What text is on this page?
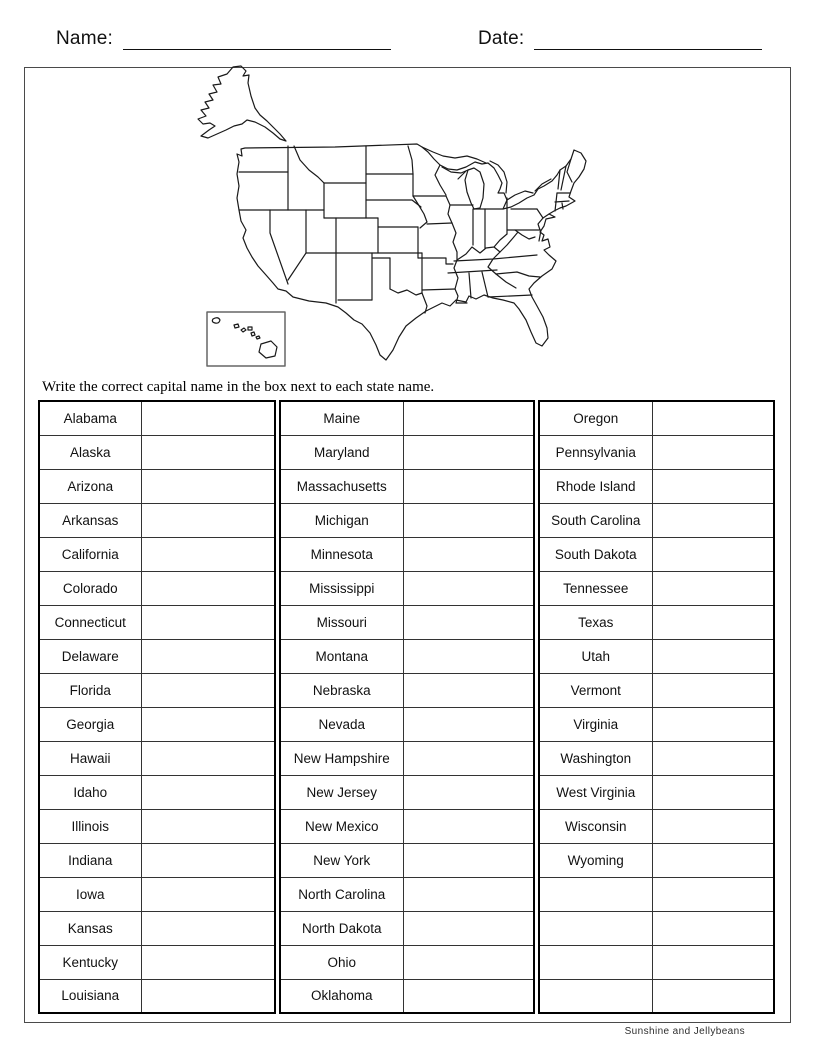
Name:	Date:
Write the correct capital name in the box next to each state name.
Alabama	
Alaska	
Arizona	
Arkansas	
California	
Colorado	
Connecticut	
Delaware	
Florida	
Georgia	
Hawaii	
Idaho	
Illinois	
Indiana	
Iowa	
Kansas	
Kentucky	
Louisiana	
Maine	
Maryland	
Massachusetts	
Michigan	
Minnesota	
Mississippi	
Missouri	
Montana	
Nebraska	
Nevada	
New Hampshire	
New Jersey	
New Mexico	
New York	
North Carolina	
North Dakota	
Ohio	
Oklahoma	
Oregon	
Pennsylvania	
Rhode Island	
South Carolina	
South Dakota	
Tennessee	
Texas	
Utah	
Vermont	
Virginia	
Washington	
West Virginia	
Wisconsin	
Wyoming	

Sunshine and Jellybeans
